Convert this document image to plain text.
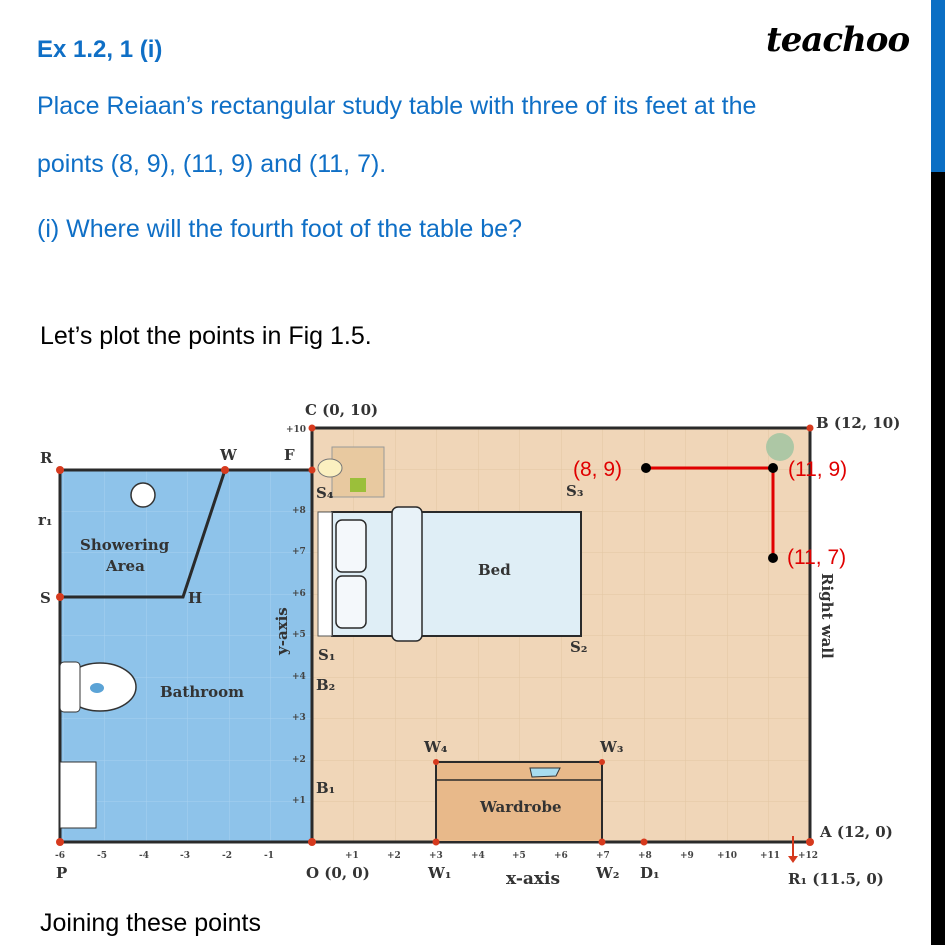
Ex 1.2, 1 (i)	teachoo
Place Reiaan’s rectangular study table with three of its feet at the
points (8, 9), (11, 9) and (11, 7).
(i) Where will the fourth foot of the table be?
Let’s plot the points in Fig 1.5.
Joining these points
C (0, 10)
B (12, 10)
A (12, 0)
O (0, 0)	R₁ (11.5, 0)
R	W	F
r₁
S	H
P	D₁
W₁	W₂
W₃
W₄
S₁	S₂
S₃
S₄
B₁
B₂
Showering
Area
Bathroom
Bed
Wardrobe
Right wall
y-axis
x-axis
-6	-5	-4	-3	-2	-1	+1	+2	+3	+4	+5	+6	+7	+8	+9	+10	+11 +12
+1
+2
+3
+4
+5
+6
+7
+8
+10
(8, 9)	(11, 9)
(11, 7)
